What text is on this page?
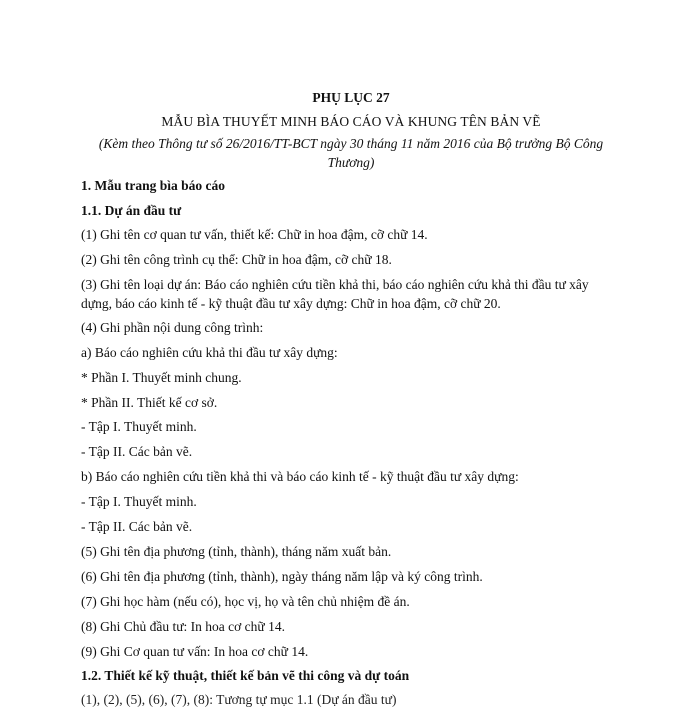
PHỤ LỤC 27
MẪU BÌA THUYẾT MINH BÁO CÁO VÀ KHUNG TÊN BẢN VẼ
(Kèm theo Thông tư số 26/2016/TT-BCT ngày 30 tháng 11 năm 2016 của Bộ trưởng Bộ Công Thương)
1. Mẫu trang bìa báo cáo
1.1. Dự án đầu tư
(1) Ghi tên cơ quan tư vấn, thiết kế: Chữ in hoa đậm, cỡ chữ 14.
(2) Ghi tên công trình cụ thể: Chữ in hoa đậm, cỡ chữ 18.
(3) Ghi tên loại dự án: Báo cáo nghiên cứu tiền khả thi, báo cáo nghiên cứu khả thi đầu tư xây dựng, báo cáo kinh tế - kỹ thuật đầu tư xây dựng: Chữ in hoa đậm, cỡ chữ 20.
(4) Ghi phần nội dung công trình:
a) Báo cáo nghiên cứu khả thi đầu tư xây dựng:
* Phần I. Thuyết minh chung.
* Phần II. Thiết kế cơ sở.
- Tập I. Thuyết minh.
- Tập II. Các bản vẽ.
b) Báo cáo nghiên cứu tiền khả thi và báo cáo kinh tế - kỹ thuật đầu tư xây dựng:
- Tập I. Thuyết minh.
- Tập II. Các bản vẽ.
(5) Ghi tên địa phương (tỉnh, thành), tháng năm xuất bản.
(6) Ghi tên địa phương (tỉnh, thành), ngày tháng năm lập và ký công trình.
(7) Ghi học hàm (nếu có), học vị, họ và tên chủ nhiệm đề án.
(8) Ghi Chủ đầu tư: In hoa cơ chữ 14.
(9) Ghi Cơ quan tư vấn: In hoa cơ chữ 14.
1.2. Thiết kế kỹ thuật, thiết kế bản vẽ thi công và dự toán
(1), (2), (5), (6), (7), (8): Tương tự mục 1.1 (Dự án đầu tư)
